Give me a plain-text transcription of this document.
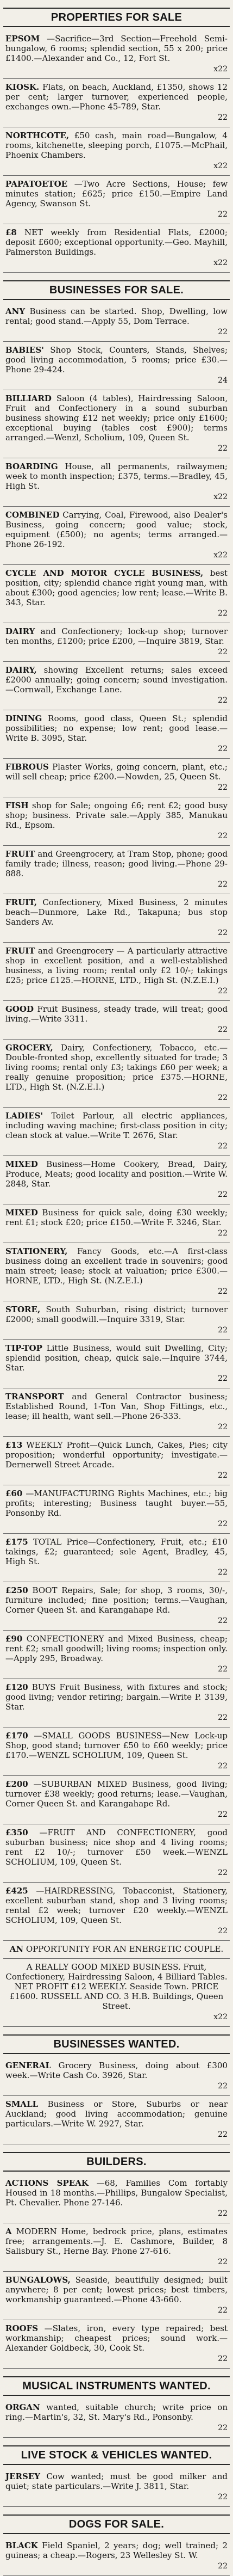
PROPERTIES FOR SALE
EPSOM —Sacrifice—3rd Section—Freehold Semi-bungalow, 6 rooms; splendid section, 55 x 200; price £1400.—Alexander and Co., 12, Fort St.
x22
KIOSK. Flats, on beach, Auckland, £1350, shows 12 per cent; larger turnover, experienced people, exchanges own.—Phone 45-789, Star.
22
NORTHCOTE, £50 cash, main road—Bungalow, 4 rooms, kitchenette, sleeping porch, £1075.—McPhail, Phoenix Chambers.
x22
PAPATOETOE —Two Acre Sections, House; few minutes station; £625; price £150.—Empire Land Agency, Swanson St.
22
£8 NET weekly from Residential Flats, £2000; deposit £600; exceptional opportunity.—Geo. Mayhill, Palmerston Buildings.
x22
BUSINESSES FOR SALE.
ANY Business can be started. Shop, Dwelling, low rental; good stand.—Apply 55, Dom Terrace.
22
BABIES' Shop Stock, Counters, Stands, Shelves; good living accommodation, 5 rooms; price £30.—Phone 29-424.
24
BILLIARD Saloon (4 tables), Hairdressing Saloon, Fruit and Confectionery in a sound suburban business showing £12 net weekly; price only £1600; exceptional buying (tables cost £900); terms arranged.—Wenzl, Scholium, 109, Queen St.
22
BOARDING House, all permanents, railwaymen; week to month inspection; £375, terms.—Bradley, 45, High St.
x22
COMBINED Carrying, Coal, Firewood, also Dealer's Business, going concern; good value; stock, equipment (£500); no agents; terms arranged.—Phone 26-192.
x22
CYCLE AND MOTOR CYCLE BUSINESS, best position, city; splendid chance right young man, with about £300; good agencies; low rent; lease.—Write B. 343, Star.
22
DAIRY and Confectionery; lock-up shop; turnover ten months, £1200; price £200, —Inquire 3819, Star.
22
DAIRY, showing Excellent returns; sales exceed £2000 annually; going concern; sound investigation.—Cornwall, Exchange Lane.
22
DINING Rooms, good class, Queen St.; splendid possibilities; no expense; low rent; good lease.—Write B. 3095, Star.
22
FIBROUS Plaster Works, going concern, plant, etc.; will sell cheap; price £200.—Nowden, 25, Queen St.
22
FISH shop for Sale; ongoing £6; rent £2; good busy shop; business. Private sale.—Apply 385, Manukau Rd., Epsom.
22
FRUIT and Greengrocery, at Tram Stop, phone; good family trade; illness, reason; good living.—Phone 29-888.
22
FRUIT, Confectionery, Mixed Business, 2 minutes beach—Dunmore, Lake Rd., Takapuna; bus stop Sanders Av.
22
FRUIT and Greengrocery — A particularly attractive shop in excellent position, and a well-established business, a living room; rental only £2 10/-; takings £25; price £125.—HORNE, LTD., High St. (N.Z.E.I.)
22
GOOD Fruit Business, steady trade, will treat; good living.—Write 3311.
22
GROCERY, Dairy, Confectionery, Tobacco, etc.—Double-fronted shop, excellently situated for trade; 3 living rooms; rental only £3; takings £60 per week; a really genuine proposition; price £375.—HORNE, LTD., High St. (N.Z.E.I.)
22
LADIES' Toilet Parlour, all electric appliances, including waving machine; first-class position in city; clean stock at value.—Write T. 2676, Star.
22
MIXED Business—Home Cookery, Bread, Dairy, Produce, Meats; good locality and position.—Write W. 2848, Star.
22
MIXED Business for quick sale, doing £30 weekly; rent £1; stock £20; price £150.—Write F. 3246, Star.
22
STATIONERY, Fancy Goods, etc.—A first-class business doing an excellent trade in souvenirs; good main street; lease; stock at valuation; price £300.—HORNE, LTD., High St. (N.Z.E.I.)
22
STORE, South Suburban, rising district; turnover £2000; small goodwill.—Inquire 3319, Star.
22
TIP-TOP Little Business, would suit Dwelling, City; splendid position, cheap, quick sale.—Inquire 3744, Star.
22
TRANSPORT and General Contractor business; Established Round, 1-Ton Van, Shop Fittings, etc., lease; ill health, want sell.—Phone 26-333.
22
£13 WEEKLY Profit—Quick Lunch, Cakes, Pies; city proposition; wonderful opportunity; investigate.—Dernerwell Street Arcade.
22
£60 —MANUFACTURING Rights Machines, etc.; big profits; interesting; Business taught buyer.—55, Ponsonby Rd.
22
£175 TOTAL Price—Confectionery, Fruit, etc.; £10 takings, £2; guaranteed; sole Agent, Bradley, 45, High St.
22
£250 BOOT Repairs, Sale; for shop, 3 rooms, 30/-, furniture included; fine position; terms.—Vaughan, Corner Queen St. and Karangahape Rd.
22
£90 CONFECTIONERY and Mixed Business, cheap; rent £2; small goodwill; living rooms; inspection only.—Apply 295, Broadway.
22
£120 BUYS Fruit Business, with fixtures and stock; good living; vendor retiring; bargain.—Write P. 3139, Star.
22
£170 —SMALL GOODS BUSINESS—New Lock-up Shop, good stand; turnover £50 to £60 weekly; price £170.—WENZL SCHOLIUM, 109, Queen St.
22
£200 —SUBURBAN MIXED Business, good living; turnover £38 weekly; good returns; lease.—Vaughan, Corner Queen St. and Karangahape Rd.
22
£350 —FRUIT AND CONFECTIONERY, good suburban business; nice shop and 4 living rooms; rent £2 10/-; turnover £50 week.—WENZL SCHOLIUM, 109, Queen St.
22
£425 —HAIRDRESSING, Tobacconist, Stationery, excellent suburban stand, shop and 3 living rooms; rental £2 week; turnover £20 weekly.—WENZL SCHOLIUM, 109, Queen St.
22
AN OPPORTUNITY FOR AN ENERGETIC COUPLE.
A REALLY GOOD MIXED BUSINESS. Fruit, Confectionery, Hairdressing Saloon, 4 Billiard Tables. NET PROFIT £12 WEEKLY. Seaside Town. PRICE £1600. RUSSELL AND CO. 3 H.B. Buildings, Queen Street.
x22
BUSINESSES WANTED.
GENERAL Grocery Business, doing about £300 week.—Write Cash Co. 3926, Star.
22
SMALL Business or Store, Suburbs or near Auckland; good living accommodation; genuine particulars.—Write W. 2927, Star.
22
BUILDERS.
ACTIONS SPEAK —68, Families Com fortably Housed in 18 months.—Phillips, Bungalow Specialist, Pt. Chevalier. Phone 27-146.
22
A MODERN Home, bedrock price, plans, estimates free; arrangements.—J. E. Cashmore, Builder, 8 Salisbury St., Herne Bay. Phone 27-616.
22
BUNGALOWS, Seaside, beautifully designed; built anywhere; 8 per cent; lowest prices; best timbers, workmanship guaranteed.—Phone 43-660.
22
ROOFS —Slates, iron, every type repaired; best workmanship; cheapest prices; sound work.—Alexander Goldbeck, 30, Cook St.
22
MUSICAL INSTRUMENTS WANTED.
ORGAN wanted, suitable church; write price on ring.—Martin's, 32, St. Mary's Rd., Ponsonby.
22
LIVE STOCK & VEHICLES WANTED.
JERSEY Cow wanted; must be good milker and quiet; state particulars.—Write J. 3811, Star.
22
DOGS FOR SALE.
BLACK Field Spaniel, 2 years; dog; well trained; 2 guineas; a cheap.—Rogers, 23 Wellesley St. W.
22
